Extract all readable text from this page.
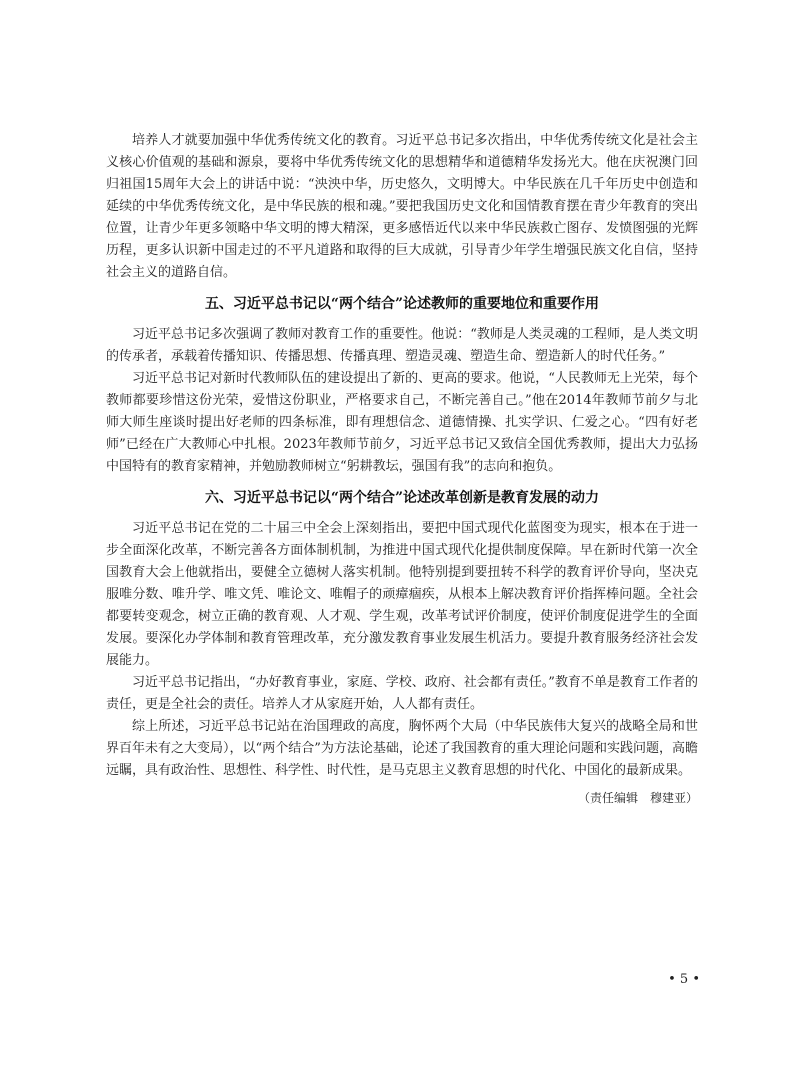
培养人才就要加强中华优秀传统文化的教育。习近平总书记多次指出，中华优秀传统文化是社会主义核心价值观的基础和源泉，要将中华优秀传统文化的思想精华和道德精华发扬光大。他在庆祝澳门回归祖国15周年大会上的讲话中说：“泱泱中华，历史悠久，文明博大。中华民族在几千年历史中创造和延续的中华优秀传统文化，是中华民族的根和魂。”要把我国历史文化和国情教育摆在青少年教育的突出位置，让青少年更多领略中华文明的博大精深，更多感悟近代以来中华民族救亡图存、发愤图强的光辉历程，更多认识新中国走过的不平凡道路和取得的巨大成就，引导青少年学生增强民族文化自信，坚持社会主义的道路自信。

五、习近平总书记以“两个结合”论述教师的重要地位和重要作用

习近平总书记多次强调了教师对教育工作的重要性。他说：“教师是人类灵魂的工程师，是人类文明的传承者，承载着传播知识、传播思想、传播真理、塑造灵魂、塑造生命、塑造新人的时代任务。”

习近平总书记对新时代教师队伍的建设提出了新的、更高的要求。他说，“人民教师无上光荣，每个教师都要珍惜这份光荣，爱惜这份职业，严格要求自己，不断完善自己。”他在2014年教师节前夕与北师大师生座谈时提出好老师的四条标准，即有理想信念、道德情操、扎实学识、仁爱之心。“四有好老师”已经在广大教师心中扎根。2023年教师节前夕，习近平总书记又致信全国优秀教师，提出大力弘扬中国特有的教育家精神，并勉励教师树立“躬耕教坛，强国有我”的志向和抱负。

六、习近平总书记以“两个结合”论述改革创新是教育发展的动力

习近平总书记在党的二十届三中全会上深刻指出，要把中国式现代化蓝图变为现实，根本在于进一步全面深化改革，不断完善各方面体制机制，为推进中国式现代化提供制度保障。早在新时代第一次全国教育大会上他就指出，要健全立德树人落实机制。他特别提到要扭转不科学的教育评价导向，坚决克服唯分数、唯升学、唯文凭、唯论文、唯帽子的顽瘴痼疾，从根本上解决教育评价指挥棒问题。全社会都要转变观念，树立正确的教育观、人才观、学生观，改革考试评价制度，使评价制度促进学生的全面发展。要深化办学体制和教育管理改革，充分激发教育事业发展生机活力。要提升教育服务经济社会发展能力。

习近平总书记指出，“办好教育事业，家庭、学校、政府、社会都有责任。”教育不单是教育工作者的责任，更是全社会的责任。培养人才从家庭开始，人人都有责任。

综上所述，习近平总书记站在治国理政的高度，胸怀两个大局（中华民族伟大复兴的战略全局和世界百年未有之大变局），以“两个结合”为方法论基础，论述了我国教育的重大理论问题和实践问题，高瞻远瞩，具有政治性、思想性、科学性、时代性，是马克思主义教育思想的时代化、中国化的最新成果。

（责任编辑　穆建亚）

• 5 •
